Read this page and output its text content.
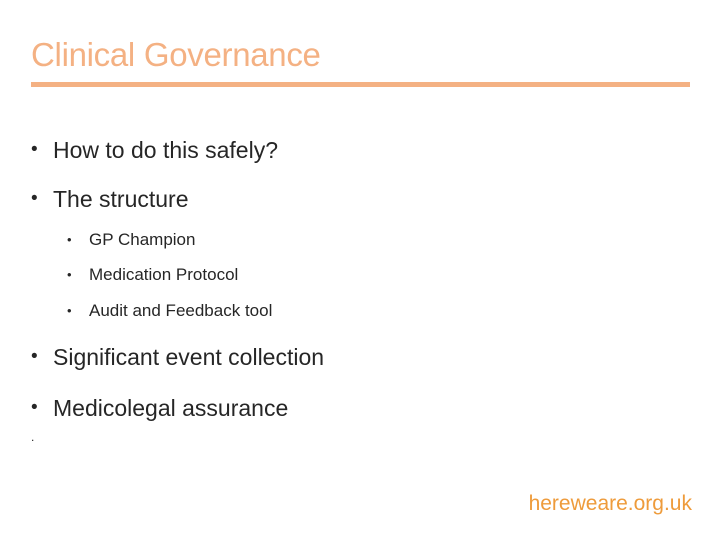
Clinical Governance
• How to do this safely?
• The structure
• GP Champion
• Medication Protocol
• Audit and Feedback tool
• Significant event collection
• Medicolegal assurance
.
hereweare.org.uk
